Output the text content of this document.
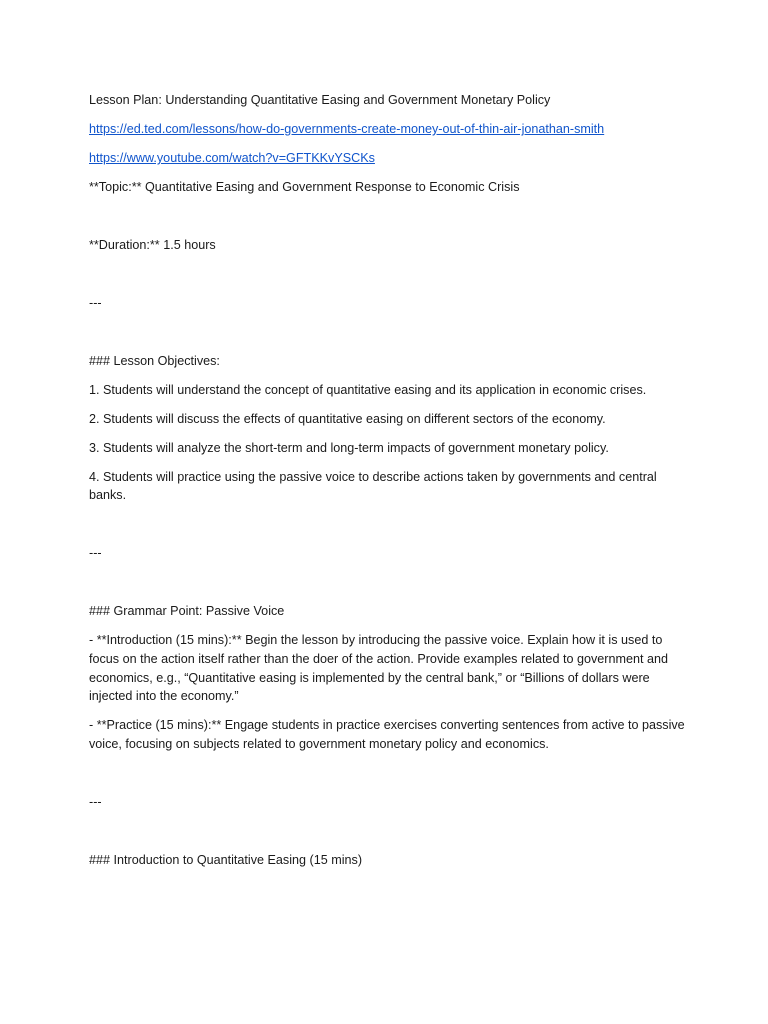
Lesson Plan: Understanding Quantitative Easing and Government Monetary Policy

https://ed.ted.com/lessons/how-do-governments-create-money-out-of-thin-air-jonathan-smith

https://www.youtube.com/watch?v=GFTKKvYSCKs

**Topic:** Quantitative Easing and Government Response to Economic Crisis

**Duration:** 1.5 hours

---

### Lesson Objectives:

1. Students will understand the concept of quantitative easing and its application in economic crises.

2. Students will discuss the effects of quantitative easing on different sectors of the economy.

3. Students will analyze the short-term and long-term impacts of government monetary policy.

4. Students will practice using the passive voice to describe actions taken by governments and central banks.

---

### Grammar Point: Passive Voice

- **Introduction (15 mins):** Begin the lesson by introducing the passive voice. Explain how it is used to focus on the action itself rather than the doer of the action. Provide examples related to government and economics, e.g., “Quantitative easing is implemented by the central bank,” or “Billions of dollars were injected into the economy.”

- **Practice (15 mins):** Engage students in practice exercises converting sentences from active to passive voice, focusing on subjects related to government monetary policy and economics.

---

### Introduction to Quantitative Easing (15 mins)
